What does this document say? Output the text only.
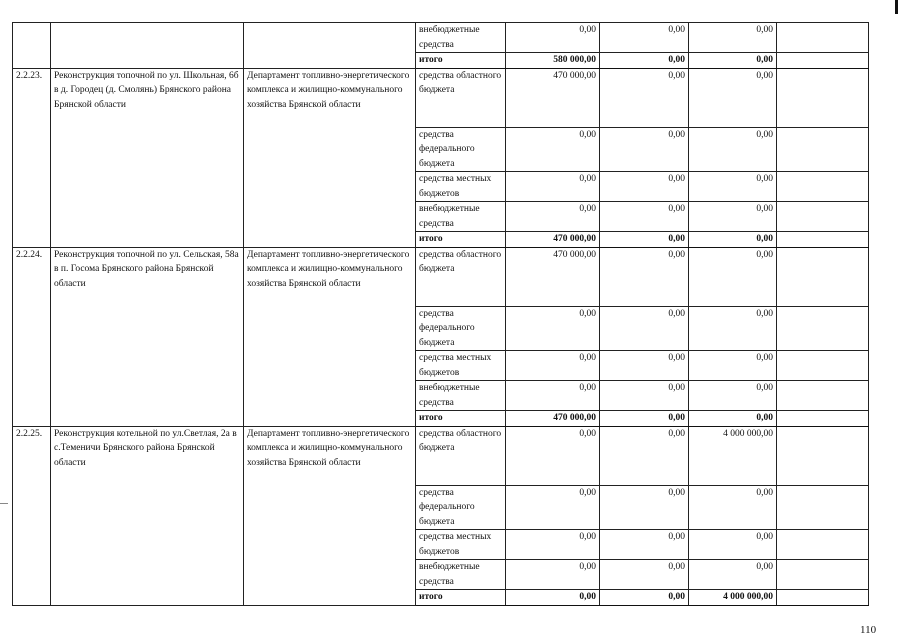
			внебюджетные средства	0,00	0,00	0,00	
			итого	580 000,00	0,00	0,00	
2.2.23.	Реконструкция топочной по ул. Школьная, 6б в д. Городец (д. Смолянь) Брянского района Брянской области	Департамент топливно-энергетического комплекса и жилищно-коммунального хозяйства Брянской области	средства областного бюджета	470 000,00	0,00	0,00	
			средства федерального бюджета	0,00	0,00	0,00	
			средства местных бюджетов	0,00	0,00	0,00	
			внебюджетные средства	0,00	0,00	0,00	
			итого	470 000,00	0,00	0,00	
2.2.24.	Реконструкция топочной по ул. Сельская, 58а в п. Госома Брянского района Брянской области	Департамент топливно-энергетического комплекса и жилищно-коммунального хозяйства Брянской области	средства областного бюджета	470 000,00	0,00	0,00	
			средства федерального бюджета	0,00	0,00	0,00	
			средства местных бюджетов	0,00	0,00	0,00	
			внебюджетные средства	0,00	0,00	0,00	
			итого	470 000,00	0,00	0,00	
2.2.25.	Реконструкция котельной по ул.Светлая, 2а в с.Теменичи Брянского района Брянской области	Департамент топливно-энергетического комплекса и жилищно-коммунального хозяйства Брянской области	средства областного бюджета	0,00	0,00	4 000 000,00	
			средства федерального бюджета	0,00	0,00	0,00	
			средства местных бюджетов	0,00	0,00	0,00	
			внебюджетные средства	0,00	0,00	0,00	
			итого	0,00	0,00	4 000 000,00	
110
